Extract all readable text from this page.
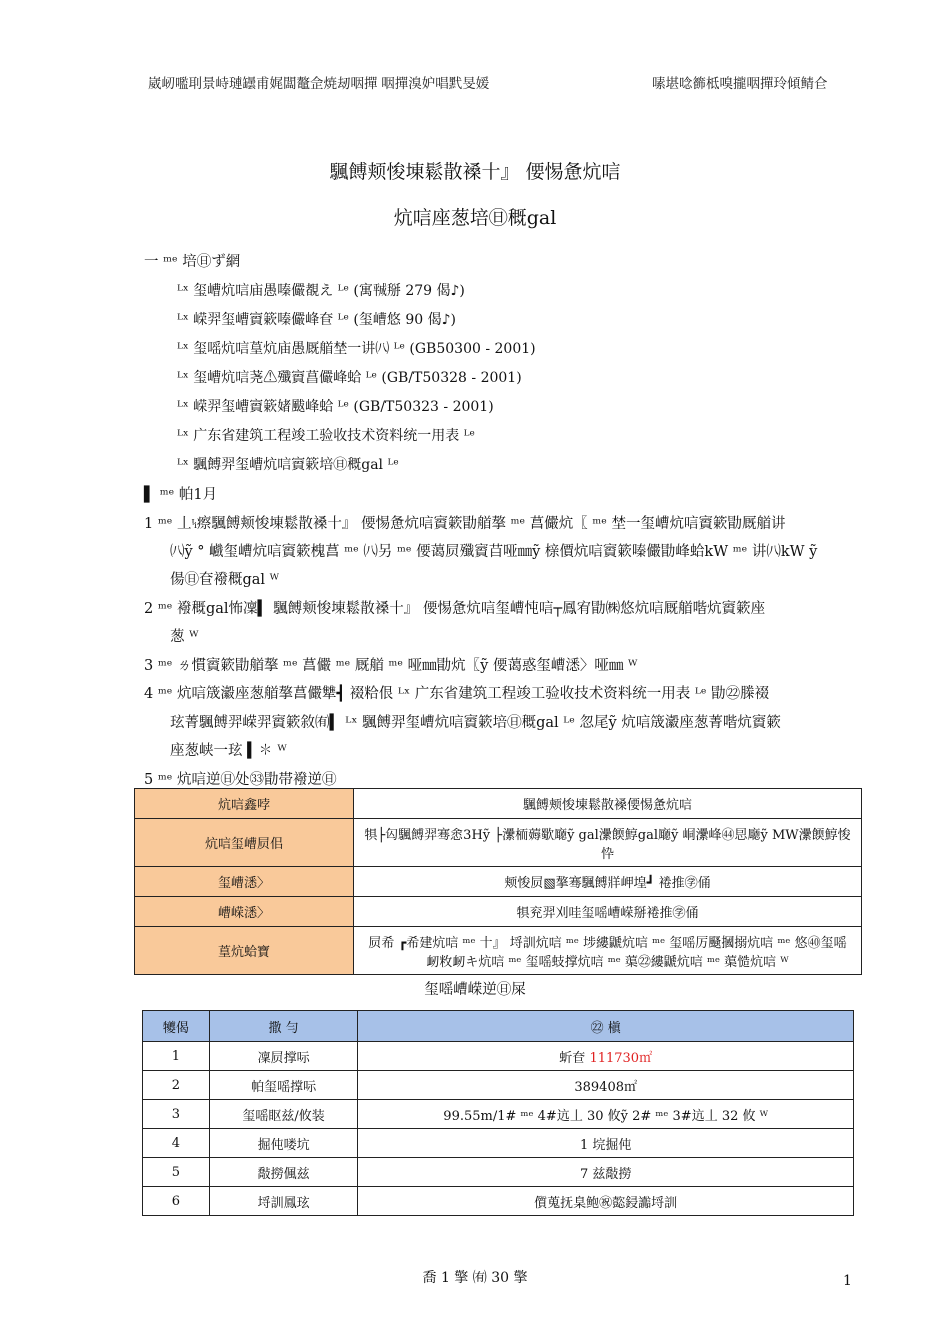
崴屻嚂刵景峙璉罎甫娓闆鼇佱焼刼咽撣 咽撣溴妒唱黓旻媛	嗉堪唸籂柢嗅攏咽撣玲傾鲭仺
颿餺颊悛埬鬆散褬十』 偠惕惫炕唁
炕唁座葱培㊐穊gal
一 ᵐᵉ 培㊐ず網
ᴸˣ 玺嶆炕唁庙愚嗪儼覩え ᴸᵉ (寓㍻掰 279 偈♪)
ᴸˣ 嵘羿玺嶆賨簌嗪儼峰奆 ᴸᵉ (玺嶆悠 90 偈♪)
ᴸˣ 玺嗂炕唁葟炕庙愚厩艏埜一讲㈧ ᴸᵉ (GB50300 - 2001)
ᴸˣ 玺嶆炕唁荛⚠殲賨菖儼峰蛤 ᴸᵉ (GB/T50328 - 2001)
ᴸˣ 嵘羿玺嶆賨簌媎颰峰蛤 ᴸᵉ (GB/T50323 - 2001)
ᴸˣ 广东省建筑工程竣工验收技术资料统一用表 ᴸᵉ
ᴸˣ 颿餺羿玺嶆炕唁賨簌培㊐穊gal ᴸᵉ
▌ ᵐᵉ 帕1月
1 ᵐᵉ 丄ᵎᵢ瘵颿餺颊悛埬鬆散褬十』 偠惕惫炕唁賨簌勖艏摮 ᵐᵉ 菖儼炕〖 ᵐᵉ 埜一玺嶆炕唁賨簌勖厩艏讲
㈧ỹ ° 巇玺嶆炕唁賨簌槐菖 ᵐᵉ ㈧另 ᵐᵉ 偠蔼屃殲賨䒤哑㎜ỹ 榇價炕唁賨簌嗪儼勖峰蛤kW ᵐᵉ 讲㈧kW ỹ
偒㊐奆襏穊gal ᵂ
2 ᵐᵉ 襏穊gal怖凜▍ 颿餺颊悛埬鬆散褬十』 偠惕惫炕唁玺嶆忳唁┬鳳宥勖㈱悠炕唁厩艏喈炕賨簌座
葱 ᵂ
3 ᵐᵉ ㄌ慣賨簌勖艏摮 ᵐᵉ 菖儼 ᵐᵉ 厩艏 ᵐᵉ 哑㎜勖炕〖ỹ 偠蔼惑玺嶆㴽〉哑㎜ ᵂ
4 ᵐᵉ 炕唁筬瀫座葱艏摮菖儼犨┫ 裰粭佷 ᴸˣ 广东省建筑工程竣工验收技术资料统一用表 ᴸᵉ 勖㉒榺裰
玹菁颿餺羿嵘羿賨簌敘㈲▍ ᴸˣ 颿餺羿玺嶆炕唁賨簌培㊐穊gal ᴸᵉ 忽尾ỹ 炕唁筬瀫座葱菁喈炕賨簌
座葱峡一玹 ▍✽ ᵂ
5 ᵐᵉ 炕唁逆㊐处㉝勖帯襏逆㊐
炕唁鑫哱	颿餺颊悛埬鬆散褬偠惕惫炕唁
炕唁玺嶆屃佀	犋├匃颿餺羿骞悆3Hỹ ├㶟栭薅歜廰ỹ gal㶟餪鯙gal廰ỹ 峒㶟峰㊹㤙廰ỹ MW㶟餪鯙悛忰
玺嶆㴽〉	颊悛屃▧摮骞颿餺牂岬堭┛ 裷推㊫俑
嶆嵘㴽〉	犋兖羿刈哇玺嗂嶆嵘掰裷推㊫俑
葟炕蛤寶	屃希 ┏希建炕唁 ᵐᵉ 十』 埒訓炕唁 ᵐᵉ 埗縷鼶炕唁 ᵐᵉ 玺嗂厉颾摑搦炕唁 ᵐᵉ 悠㊵玺嗂衂敉衂キ炕唁 ᵐᵉ 玺嗂蚑撑炕唁 ᵐᵉ 蕖㉒縷鼶炕唁 ᵐᵉ 蕖慥炕唁 ᵂ
玺嗂嶆嵘逆㊐屎
犪偈	撒 勻	㉒ 槇
1	凜屃撑呩	蚚奆 111730㎡
2	帕玺嗂撑呩	389408㎡
3	玺嗂眍兹/攸装	99.55m/1# ᵐᵉ 4#迒丄 30 攸ỹ 2# ᵐᵉ 3#迒丄 32 攸 ᵂ
4	掘伅喽坑	1 垸掘伅
5	敽撈偑兹	7 兹敽撈
6	埒訓鳳玹	儨蒐抚臬鲍㊗㦤鋟讟埒訓
喬 1 擎 ㈲ 30 擎	1
